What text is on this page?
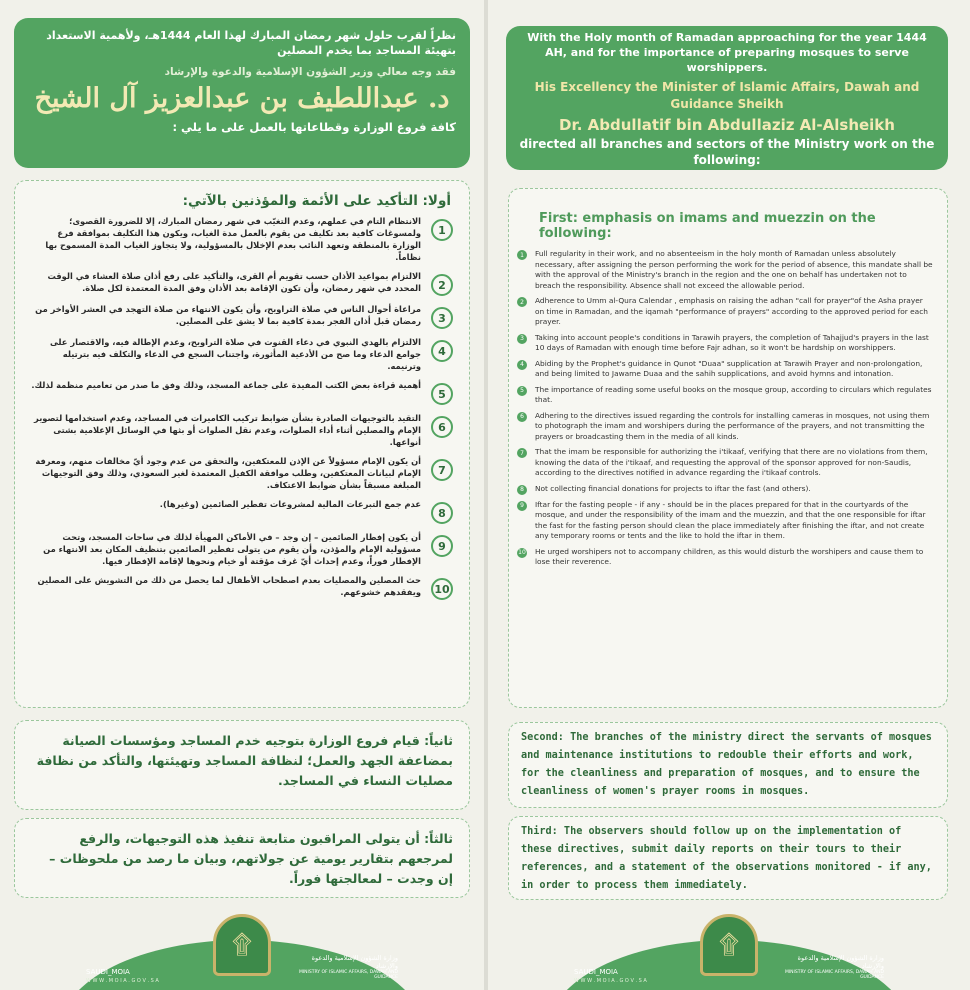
نظراً لقرب حلول شهر رمضان المبارك لهذا العام 1444هـ، ولأهمية الاستعداد بتهيئة المساجد بما يخدم المصلين
فقد وجه معالي وزير الشؤون الإسلامية والدعوة والإرشاد
د. عبداللطيف بن عبدالعزيز آل الشيخ
كافة فروع الوزارة وقطاعاتها بالعمل على ما يلي :
أولا: التأكيد على الأئمة والمؤذنين بالآتي:
1
الانتظام التام في عملهم، وعدم التغيّب في شهر رمضان المبارك، إلا للضرورة القصوى؛ ولمسوغات كافية بعد تكليف من يقوم بالعمل مدة الغياب، ويكون هذا التكليف بموافقة فرع الوزارة بالمنطقة وتعهد النائب بعدم الإخلال بالمسؤولية، ولا يتجاوز الغياب المدة المسموح بها نظاماً.
2
الالتزام بمواعيد الأذان حسب تقويم أم القرى، والتأكيد على رفع أذان صلاة العشاء في الوقت المحدد في شهر رمضان، وأن تكون الإقامة بعد الأذان وفق المدة المعتمدة لكل صلاة.
3
مراعاة أحوال الناس في صلاة التراويح، وأن يكون الانتهاء من صلاة التهجد في العشر الأواخر من رمضان قبل أذان الفجر بمدة كافية بما لا يشق على المصلين.
4
الالتزام بالهدي النبوي في دعاء القنوت في صلاة التراويح، وعدم الإطالة فيه، والاقتصار على جوامع الدعاء وما صح من الأدعية المأثورة، واجتناب السجع في الدعاء والتكلف فيه بترتيله وترنيمه.
5
أهمية قراءة بعض الكتب المفيدة على جماعة المسجد، وذلك وفق ما صدر من تعاميم منظمة لذلك.
6
التقيد بالتوجيهات الصادرة بشأن ضوابط تركيب الكاميرات في المساجد، وعدم استخدامها لتصوير الإمام والمصلين أثناء أداء الصلوات، وعدم نقل الصلوات أو بثها في الوسائل الإعلامية بشتى أنواعها.
7
أن يكون الإمام مسؤولاً عن الإذن للمعتكفين، والتحقق من عدم وجود أيّ مخالفات منهم، ومعرفة الإمام لبيانات المعتكفين، وطلب موافقة الكفيل المعتمدة لغير السعودي، وذلك وفق التوجيهات المبلغة مسبقاً بشأن ضوابط الاعتكاف.
8
عدم جمع التبرعات المالية لمشروعات تفطير الصائمين (وغيرها).
9
أن يكون إفطار الصائمين – إن وجد – في الأماكن المهيأة لذلك في ساحات المسجد، وتحت مسؤولية الإمام والمؤذن، وأن يقوم من يتولى تفطير الصائمين بتنظيف المكان بعد الانتهاء من الإفطار فوراً، وعدم إحداث أيّ غرف مؤقتة أو خيام ونحوها لإقامة الإفطار فيها.
10
حث المصلين والمصليات بعدم اصطحاب الأطفال لما يحصل من ذلك من التشويش على المصلين ويفقدهم خشوعهم.

ثانياً: قيام فروع الوزارة بتوجيه خدم المساجد ومؤسسات الصيانة بمضاعفة الجهد والعمل؛ لنظافة المساجد وتهيئتها، والتأكد من نظافة مصليات النساء في المساجد.

ثالثاً: أن يتولى المراقبون متابعة تنفيذ هذه التوجيهات، والرفع لمرجعهم بتقارير يومية عن جولاتهم، وبيان ما رصد من ملحوظات – إن وجدت – لمعالجتها فوراً.

۩
SAUDI_MOIA
W W W . M O I A . G O V . S A
وزارة الشؤون الإسلامية والدعوة والإرشاد
MINISTRY OF ISLAMIC AFFAIRS, DAWAH AND GUIDANCE
With the Holy month of Ramadan approaching for the year 1444 AH, and for the importance of preparing mosques to serve worshippers.
His Excellency the Minister of Islamic Affairs, Dawah and Guidance Sheikh
Dr. Abdullatif bin Abdullaziz Al-Alsheikh
directed all branches and sectors of the Ministry work on the following:
First: emphasis on imams and muezzin on the following:
1	Full regularity in their work, and no absenteeism in the holy month of Ramadan unless absolutely necessary, after assigning the person performing the work for the period of absence, this mandate shall be with the approval of the Ministry's branch in the region and the one on behalf has undertaken not to breach the responsibility. Absence shall not exceed the allowable period.
2	Adherence to Umm al-Qura Calendar , emphasis on raising the adhan "call for prayer"of the Asha prayer on time in Ramadan, and the iqamah "performance of prayers" according to the approved period for each prayer.
3	Taking into account people's conditions in Tarawih prayers, the completion of Tahajjud's prayers in the last 10 days of Ramadan with enough time before Fajr adhan, so it won't be hardship on worshippers.
4	Abiding by the Prophet's guidance in Qunot "Duaa" supplication at Tarawih Prayer and non-prolongation, and being limited to Jawame Duaa and the sahih supplications, and avoid hymns and intonation.
5	The importance of reading some useful books on the mosque group, according to circulars which regulates that.
6	Adhering to the directives issued regarding the controls for installing cameras in mosques, not using them to photograph the imam and worshipers during the performance of the prayers, and not transmitting the prayers or broadcasting them in the media of all kinds.
7	That the imam be responsible for authorizing the i'tikaaf, verifying that there are no violations from them, knowing the data of the i'tikaaf, and requesting the approval of the sponsor approved for non-Saudis, according to the directives notified in advance regarding the i'tikaaf controls.
8	Not collecting financial donations for projects to iftar the fast (and others).
9	Iftar for the fasting people - if any - should be in the places prepared for that in the courtyards of the mosque, and under the responsibility of the imam and the muezzin, and that the one responsible for iftar the fast for the fasting person should clean the place immediately after finishing the iftar, and not create any temporary rooms or tents and the like to hold the iftar in them.
10 He urged worshipers not to accompany children, as this would disturb the worshipers and cause them to lose their reverence.

Second: The branches of the ministry direct the servants of mosques and maintenance institutions to redouble their efforts and work, for the cleanliness and preparation of mosques, and to ensure the cleanliness of women's prayer rooms in mosques.

Third: The observers should follow up on the implementation of these directives, submit daily reports on their tours to their references, and a statement of the observations monitored - if any, in order to process them immediately.

۩
SAUDI_MOIA
W W W . M O I A . G O V . S A
وزارة الشؤون الإسلامية والدعوة والإرشاد
MINISTRY OF ISLAMIC AFFAIRS, DAWAH AND GUIDANCE
